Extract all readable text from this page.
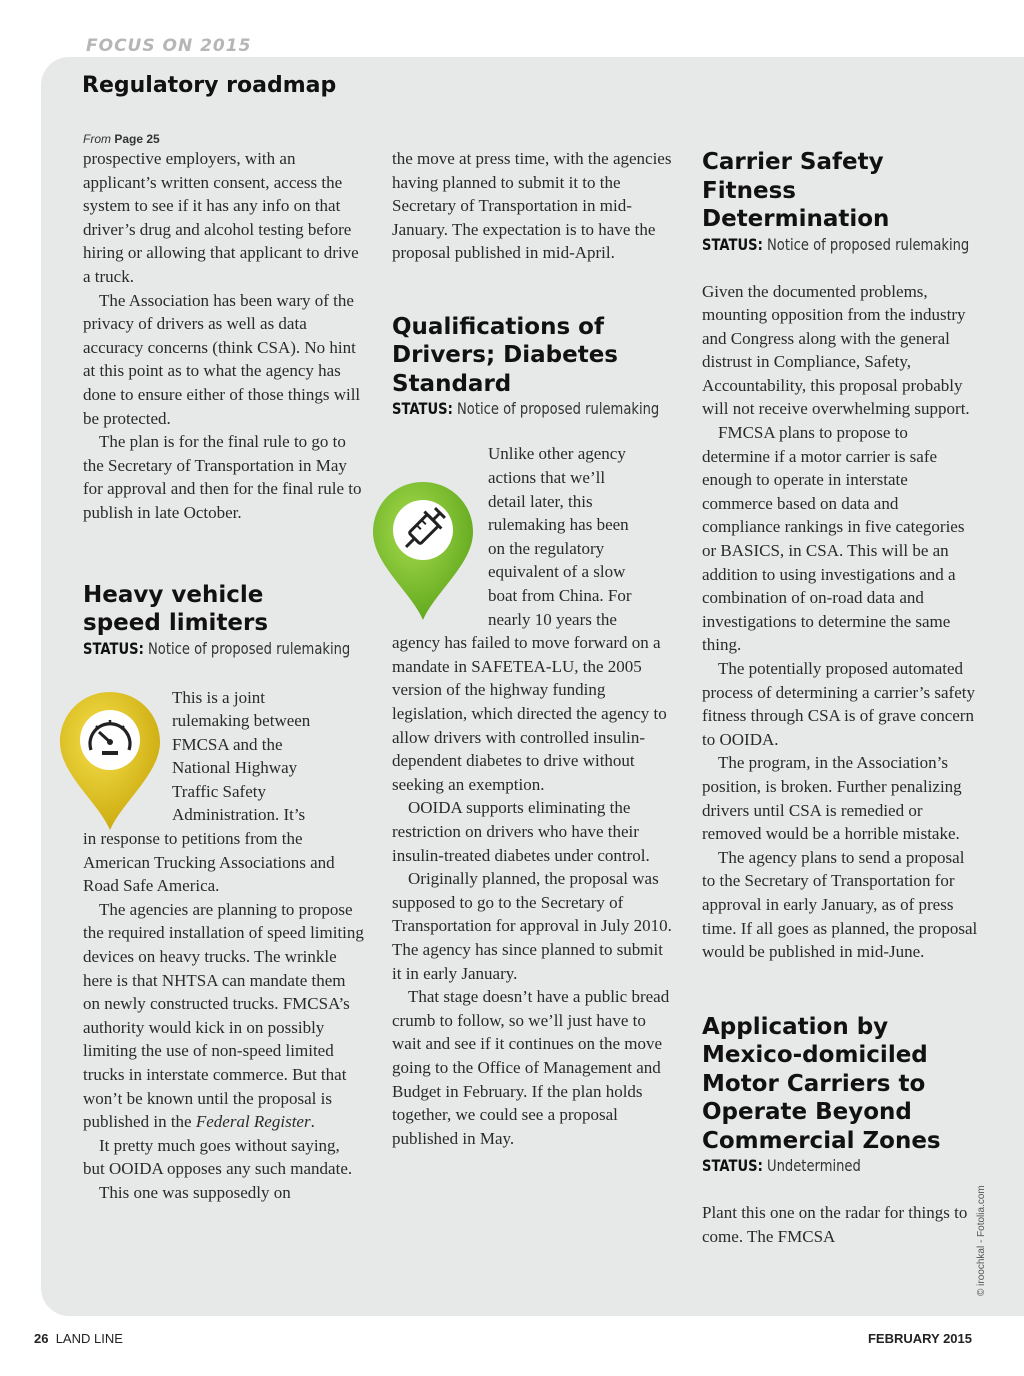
FOCUS ON 2015
Regulatory roadmap
From Page 25

prospective employers, with an applicant’s written consent, access the system to see if it has any info on that driver’s drug and alcohol testing before hiring or allowing that applicant to drive a truck.

The Association has been wary of the privacy of drivers as well as data accuracy concerns (think CSA). No hint at this point as to what the agency has done to ensure either of those things will be protected.

The plan is for the final rule to go to the Secretary of Transportation in May for approval and then for the final rule to publish in late October.

Heavy vehicle
speed limiters
STATUS: Notice of proposed rulemaking
This is a joint
rulemaking between
FMCSA and the
National Highway
Traffic Safety
Administration. It’s

in response to petitions from the American Trucking Associations and Road Safe America.

The agencies are planning to propose the required installation of speed limiting devices on heavy trucks. The wrinkle here is that NHTSA can mandate them on newly constructed trucks. FMCSA’s authority would kick in on possibly limiting the use of non-speed limited trucks in interstate commerce. But that won’t be known until the proposal is published in the Federal Register.

It pretty much goes without saying, but OOIDA opposes any such mandate.

This one was supposedly on

the move at press time, with the agencies having planned to submit it to the Secretary of Transportation in mid-January. The expectation is to have the proposal published in mid-April.

Qualifications of
Drivers; Diabetes
Standard
STATUS: Notice of proposed rulemaking
Unlike other agency
actions that we’ll
detail later, this
rulemaking has been
on the regulatory
equivalent of a slow
boat from China. For
nearly 10 years the

agency has failed to move forward on a mandate in SAFETEA-LU, the 2005 version of the highway funding legislation, which directed the agency to allow drivers with controlled insulin-dependent diabetes to drive without seeking an exemption.

OOIDA supports eliminating the restriction on drivers who have their insulin-treated diabetes under control.

Originally planned, the proposal was supposed to go to the Secretary of Transportation for approval in July 2010. The agency has since planned to submit it in early January.

That stage doesn’t have a public bread crumb to follow, so we’ll just have to wait and see if it continues on the move going to the Office of Management and Budget in February. If the plan holds together, we could see a proposal published in May.

Carrier Safety Fitness
Determination
STATUS: Notice of proposed rulemaking

Given the documented problems, mounting opposition from the industry and Congress along with the general distrust in Compliance, Safety, Accountability, this proposal probably will not receive overwhelming support.

FMCSA plans to propose to determine if a motor carrier is safe enough to operate in interstate commerce based on data and compliance rankings in five categories or BASICS, in CSA. This will be an addition to using investigations and a combination of on-road data and investigations to determine the same thing.

The potentially proposed automated process of determining a carrier’s safety fitness through CSA is of grave concern to OOIDA.

The program, in the Association’s position, is broken. Further penalizing drivers until CSA is remedied or removed would be a horrible mistake.

The agency plans to send a proposal to the Secretary of Transportation for approval in early January, as of press time. If all goes as planned, the proposal would be published in mid-June.

Application by
Mexico-domiciled
Motor Carriers to
Operate Beyond
Commercial Zones
STATUS: Undetermined

Plant this one on the radar for things to come. The FMCSA	© iroochkal - Fotolia.com
26 LAND LINE	FEBRUARY 2015
